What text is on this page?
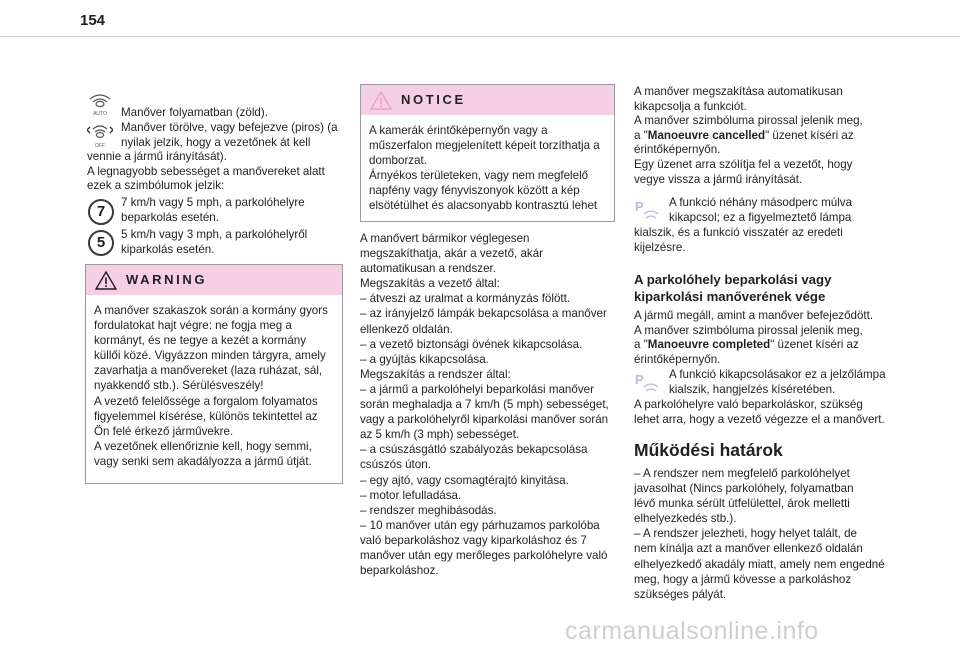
154
AUTO Manőver folyamatban (zöld).

OFF
Manőver törölve, vagy befejezve (piros) (a
nyilak jelzik, hogy a vezetőnek át kell
vennie a jármű irányítását).
A legnagyobb sebességet a manővereket alatt
ezek a szimbólumok jelzik:
7
7 km/h vagy 5 mph, a parkolóhelyre
beparkolás esetén.
5	5 km/h vagy 3 mph, a parkolóhelyről
kiparkolás esetén.
WARNING
A manőver szakaszok során a kormány gyors
fordulatokat hajt végre: ne fogja meg a
kormányt, és ne tegye a kezét a kormány
küllői közé. Vigyázzon minden tárgyra, amely
zavarhatja a manővereket (laza ruházat, sál,
nyakkendő stb.). Sérülésveszély!
A vezető felelőssége a forgalom folyamatos
figyelemmel kísérése, különös tekintettel az
Ön felé érkező járművekre.
A vezetőnek ellenőriznie kell, hogy semmi,
vagy senki sem akadályozza a jármű útját.
NOTICE
A kamerák érintőképernyőn vagy a
műszerfalon megjelenített képeit torzíthatja a
domborzat.
Árnyékos területeken, vagy nem megfelelő
napfény vagy fényviszonyok között a kép
elsötétülhet és alacsonyabb kontrasztú lehet
A manővert bármikor véglegesen
megszakíthatja, akár a vezető, akár
automatikusan a rendszer.
Megszakítás a vezető által:
– átveszi az uralmat a kormányzás fölött.
– az irányjelző lámpák bekapcsolása a manőver
ellenkező oldalán.
– a vezető biztonsági övének kikapcsolása.
– a gyújtás kikapcsolása.
Megszakítás a rendszer által:
– a jármű a parkolóhelyi beparkolási manőver
során meghaladja a 7 km/h (5 mph) sebességet,
vagy a parkolóhelyről kiparkolási manőver során
az 5 km/h (3 mph) sebességet.
– a csúszásgátló szabályozás bekapcsolása
csúszós úton.
– egy ajtó, vagy csomagtérajtó kinyitása.
– motor lefulladása.
– rendszer meghibásodás.
– 10 manőver után egy párhuzamos parkolóba
való beparkoláshoz vagy kiparkoláshoz és 7
manőver után egy merőleges parkolóhelyre való
beparkoláshoz.
A manőver megszakítása automatikusan
kikapcsolja a funkciót.
A manőver szimbóluma pirossal jelenik meg,
a "Manoeuvre cancelled" üzenet kíséri az
érintőképernyőn.
Egy üzenet arra szólítja fel a vezetőt, hogy
vegye vissza a jármű irányítását.
P A funkció néhány másodperc múlva
kikapcsol; ez a figyelmeztető lámpa
kialszik, és a funkció visszatér az eredeti
kijelzésre.
A parkolóhely beparkolási vagy
kiparkolási manőverének vége
A jármű megáll, amint a manőver befejeződött.
A manőver szimbóluma pirossal jelenik meg,
a "Manoeuvre completed" üzenet kíséri az
érintőképernyőn.
P A funkció kikapcsolásakor ez a jelzőlámpa
kialszik, hangjelzés kíséretében.
A parkolóhelyre való beparkoláskor, szükség
lehet arra, hogy a vezető végezze el a manővert.
Működési határok
– A rendszer nem megfelelő parkolóhelyet
javasolhat (Nincs parkolóhely, folyamatban
lévő munka sérült útfelülettel, árok melletti
elhelyezkedés stb.).
– A rendszer jelezheti, hogy helyet talált, de
nem kínálja azt a manőver ellenkező oldalán
elhelyezkedő akadály miatt, amely nem engedné
meg, hogy a jármű kövesse a parkoláshoz
szükséges pályát.
carmanualsonline.info
